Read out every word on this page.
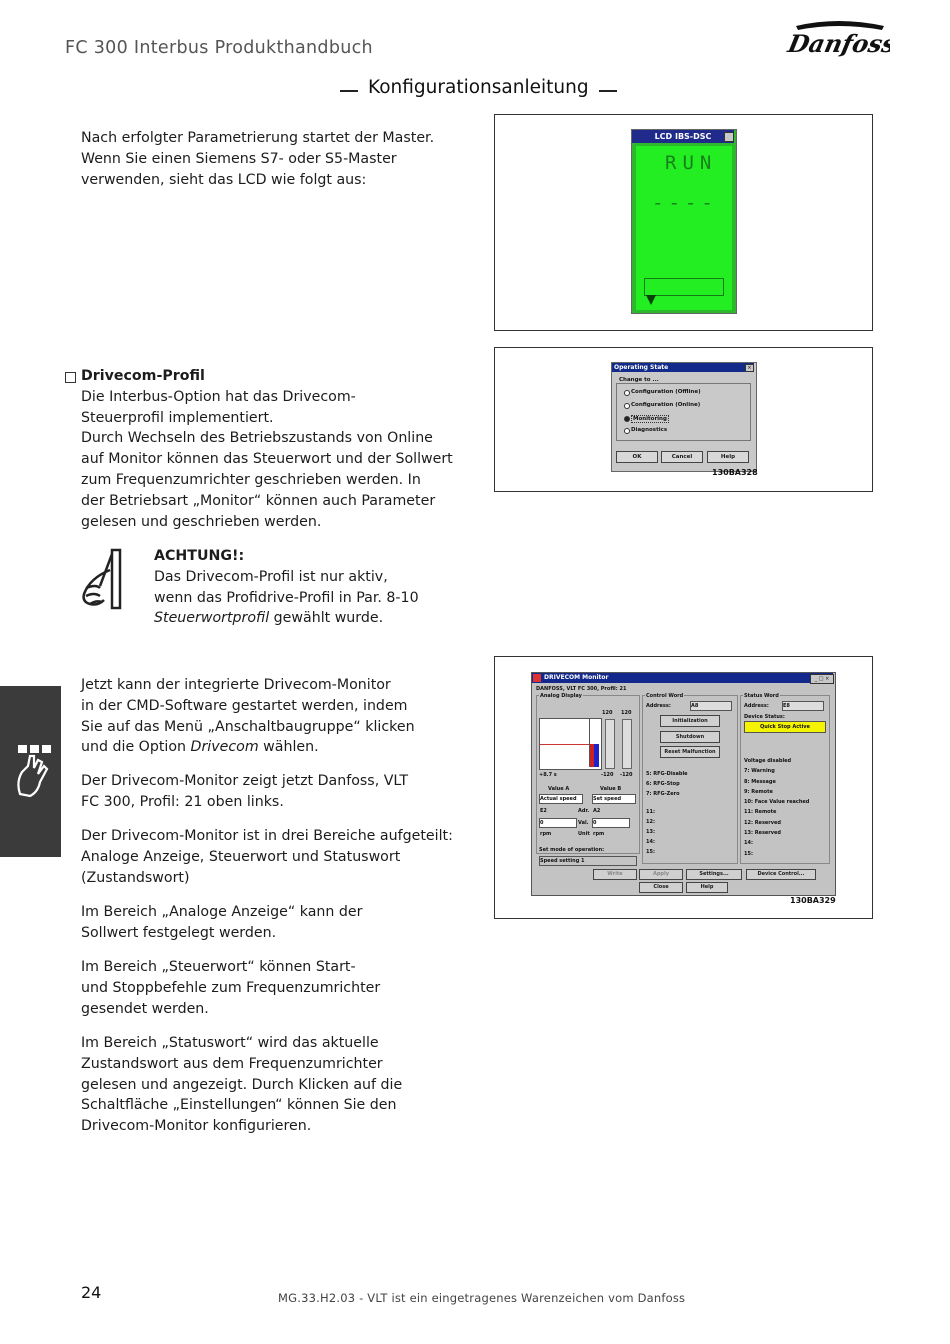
FC 300 Interbus Produkthandbuch	Danfoss
Konfigurationsanleitung
Nach erfolgter Parametrierung startet der Master.
Wenn Sie einen Siemens S7- oder S5-Master
verwenden, sieht das LCD wie folgt aus:
LCD IBS-DSC
RUN
----
Drivecom-Profil
Die Interbus-Option hat das Drivecom-
Steuerprofil implementiert.
Durch Wechseln des Betriebszustands von Online
auf Monitor können das Steuerwort und der Sollwert
zum Frequenzumrichter geschrieben werden. In
der Betriebsart „Monitor“ können auch Parameter
gelesen und geschrieben werden.
Operating State	×
Change to ...
Configuration (Offline)
Configuration (Online)
Monitoring
Diagnostics
OK	Cancel	Help
130BA328
ACHTUNG!:
Das Drivecom-Profil ist nur aktiv,
wenn das Profidrive-Profil in Par. 8-10
Steuerwortprofil gewählt wurde.
Jetzt kann der integrierte Drivecom-Monitor
in der CMD-Software gestartet werden, indem
Sie auf das Menü „Anschaltbaugruppe“ klicken
und die Option Drivecom wählen.
Der Drivecom-Monitor zeigt jetzt Danfoss, VLT
FC 300, Profil: 21 oben links.
Der Drivecom-Monitor ist in drei Bereiche aufgeteilt:
Analoge Anzeige, Steuerwort und Statuswort
(Zustandswort)
Im Bereich „Analoge Anzeige“ kann der
Sollwert festgelegt werden.
Im Bereich „Steuerwort“ können Start-
und Stoppbefehle zum Frequenzumrichter
gesendet werden.
Im Bereich „Statuswort“ wird das aktuelle
Zustandswort aus dem Frequenzumrichter
gelesen und angezeigt. Durch Klicken auf die
Schaltfläche „Einstellungen“ können Sie den
Drivecom-Monitor konfigurieren.
DRIVECOM Monitor	_ □ ×
DANFOSS, VLT FC 300, Profil: 21
Analog Display
120 120
+8.7 s	-120 -120
Value A	Value B
Actual speed	Set speed
E2	Adr. A2
0	Val. 0
rpm	Unit rpm
Set mode of operation:
Speed setting 1
Control Word
Address:	A8
Initialization
Shutdown
Reset Malfunction
5: RFG-Disable
6: RFG-Stop
7: RFG-Zero
11:
12:
13:
14:
15:
Status Word
Address:	E8
Device Status:
Quick Stop Active
Voltage disabled
7: Warning
8: Message
9: Remote
10: Face Value reached
11: Remote
12: Reserved
13: Reserved
14:
15:
Write	Apply	Settings...	Device Control...
Close	Help
130BA329
24	MG.33.H2.03 - VLT ist ein eingetragenes Warenzeichen vom Danfoss
